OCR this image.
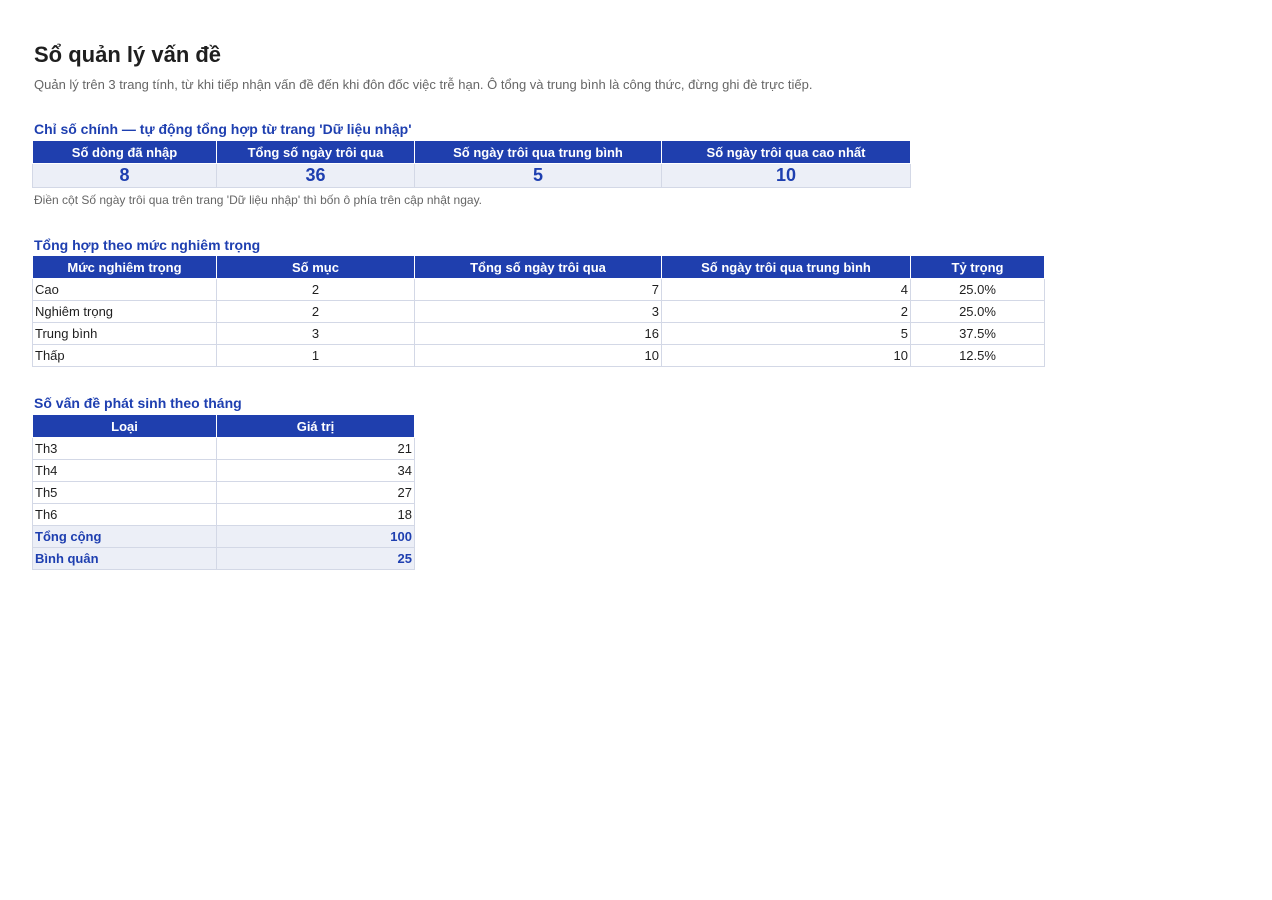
Sổ quản lý vấn đề
Quản lý trên 3 trang tính, từ khi tiếp nhận vấn đề đến khi đôn đốc việc trễ hạn. Ô tổng và trung bình là công thức, đừng ghi đè trực tiếp.
Chỉ số chính — tự động tổng hợp từ trang 'Dữ liệu nhập'
Số dòng đã nhập	Tổng số ngày trôi qua	Số ngày trôi qua trung bình	Số ngày trôi qua cao nhất
8	36	5	10
Điền cột Số ngày trôi qua trên trang 'Dữ liệu nhập' thì bốn ô phía trên cập nhật ngay.
Tổng hợp theo mức nghiêm trọng
Mức nghiêm trọng	Số mục	Tổng số ngày trôi qua	Số ngày trôi qua trung bình	Tỷ trọng
Cao	2	7	4	25.0%
Nghiêm trọng	2	3	2	25.0%
Trung bình	3	16	5	37.5%
Thấp	1	10	10	12.5%
Số vấn đề phát sinh theo tháng
Loại	Giá trị
Th3	21
Th4	34
Th5	27
Th6	18
Tổng cộng	100
Bình quân	25
